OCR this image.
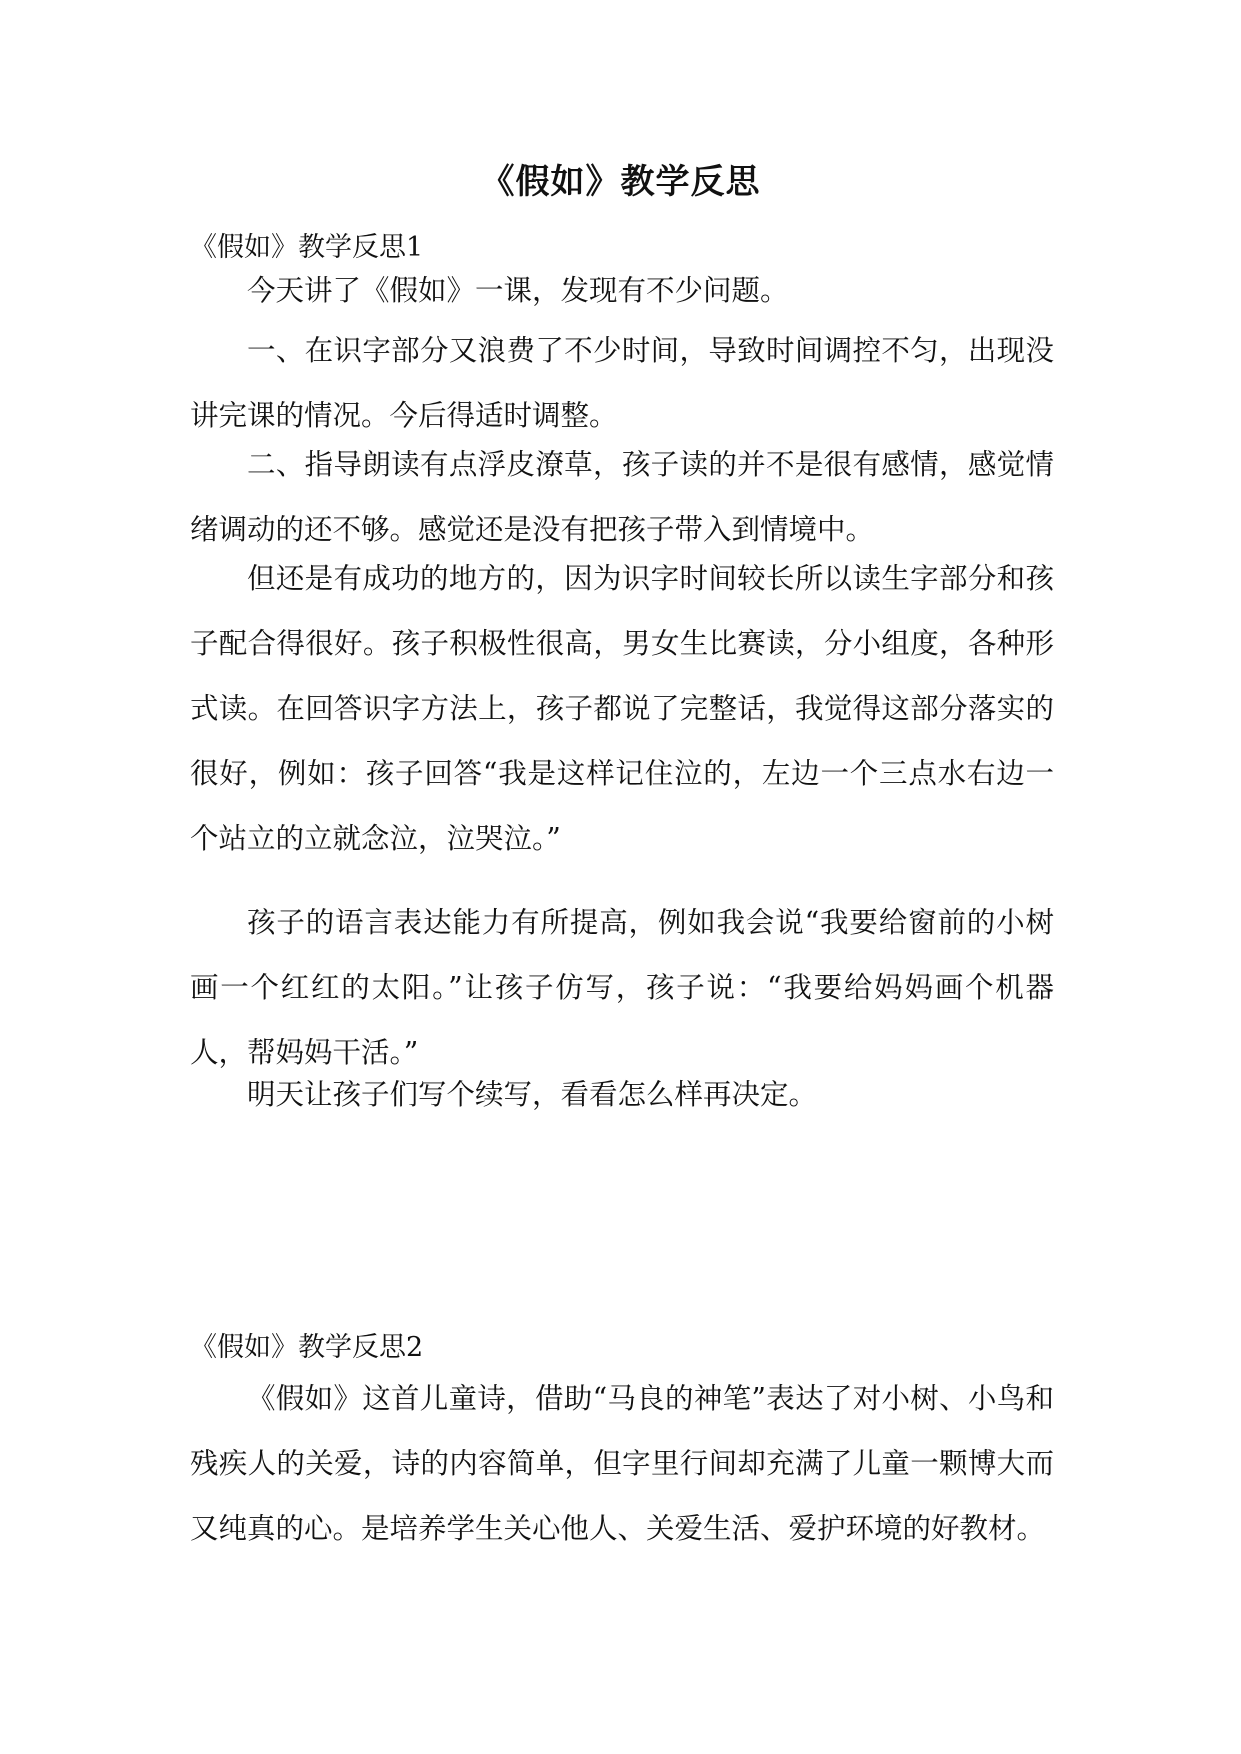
《假如》教学反思
《假如》教学反思1

今天讲了《假如》一课，发现有不少问题。

一、在识字部分又浪费了不少时间，导致时间调控不匀，出现没讲完课的情况。今后得适时调整。

二、指导朗读有点浮皮潦草，孩子读的并不是很有感情，感觉情绪调动的还不够。感觉还是没有把孩子带入到情境中。

但还是有成功的地方的，因为识字时间较长所以读生字部分和孩子配合得很好。孩子积极性很高，男女生比赛读，分小组度，各种形式读。在回答识字方法上，孩子都说了完整话，我觉得这部分落实的很好，例如：孩子回答“我是这样记住泣的，左边一个三点水右边一个站立的立就念泣，泣哭泣。”

孩子的语言表达能力有所提高，例如我会说“我要给窗前的小树画一个红红的太阳。”让孩子仿写，孩子说：“我要给妈妈画个机器人，帮妈妈干活。”

明天让孩子们写个续写，看看怎么样再决定。

《假如》教学反思2

《假如》这首儿童诗，借助“马良的神笔”表达了对小树、小鸟和残疾人的关爱，诗的内容简单，但字里行间却充满了儿童一颗博大而又纯真的心。是培养学生关心他人、关爱生活、爱护环境的好教材。
